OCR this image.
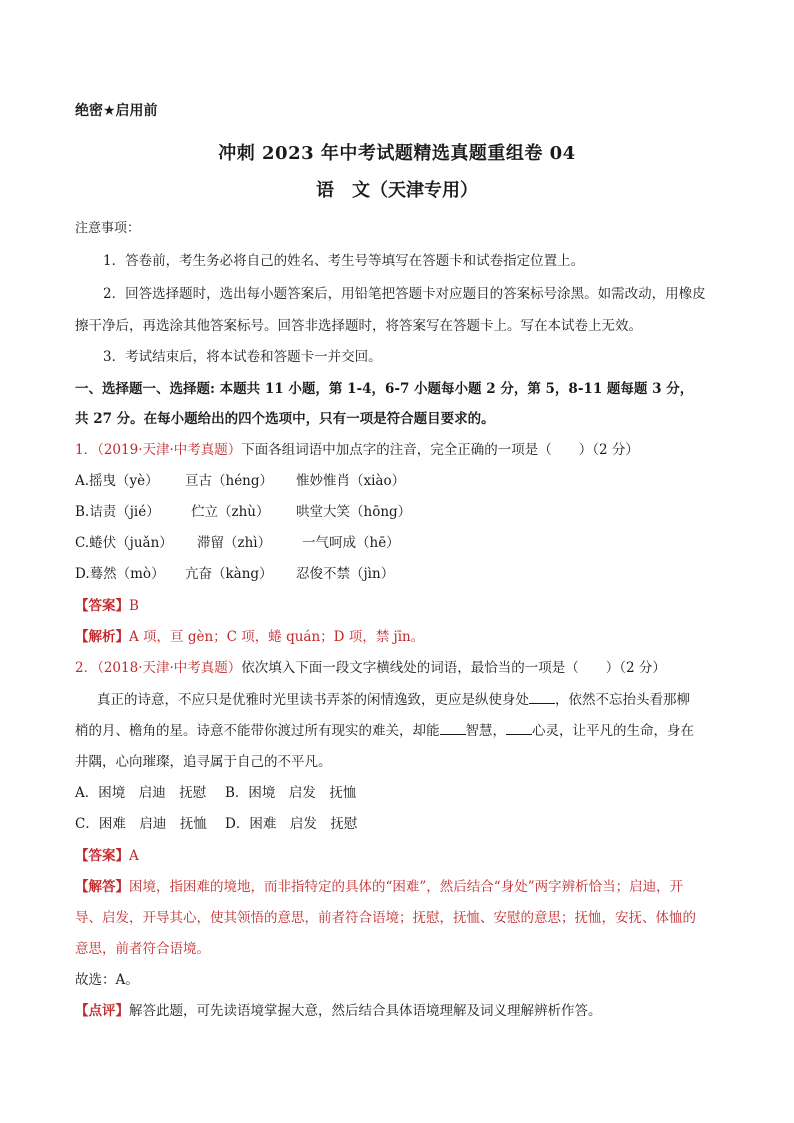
绝密★启用前
冲刺 2023 年中考试题精选真题重组卷 04
语　文（天津专用）
注意事项：
1．答卷前，考生务必将自己的姓名、考生号等填写在答题卡和试卷指定位置上。
2．回答选择题时，选出每小题答案后，用铅笔把答题卡对应题目的答案标号涂黑。如需改动，用橡皮
擦干净后，再选涂其他答案标号。回答非选择题时，将答案写在答题卡上。写在本试卷上无效。
3．考试结束后，将本试卷和答题卡一并交回。
一、选择题一、选择题: 本题共 11 小题，第 1-4，6-7 小题每小题 2 分，第 5，8-11 题每题 3 分，
共 27 分。在每小题给出的四个选项中，只有一项是符合题目要求的。
1．（2019·天津·中考真题）下面各组词语中加点字的注音，完全正确的一项是（　　）（2 分）
A.摇曳（yè） 亘古（héng） 惟妙惟肖（xiào）
B.诘责（jié） 伫立（zhù） 哄堂大笑（hōng）
C.蜷伏（juǎn） 滞留（zhì） 一气呵成（hē）
D.蓦然（mò） 亢奋（kàng） 忍俊不禁（jìn）
【答案】B
【解析】A 项，亘 gèn；C 项，蜷 quán；D 项，禁 jīn。
2．（2018·天津·中考真题）依次填入下面一段文字横线处的词语，最恰当的一项是（　　）（2 分）
真正的诗意，不应只是优雅时光里读书弄茶的闲情逸致，更应是纵使身处 ，依然不忘抬头看那柳
梢的月、檐角的星。诗意不能带你渡过所有现实的难关，却能 智慧， 心灵，让平凡的生命，身在
井隅，心向璀璨，追寻属于自己的不平凡。
A．困境　启迪　抚慰 B．困境　启发　抚恤
C．困难　启迪　抚恤 D．困难　启发　抚慰
【答案】A
【解答】困境，指困难的境地，而非指特定的具体的“困难”，然后结合“身处”两字辨析恰当；启迪，开
导、启发，开导其心，使其领悟的意思，前者符合语境；抚慰，抚恤、安慰的意思；抚恤，安抚、体恤的
意思，前者符合语境。
故选：A。
【点评】解答此题，可先读语境掌握大意，然后结合具体语境理解及词义理解辨析作答。
